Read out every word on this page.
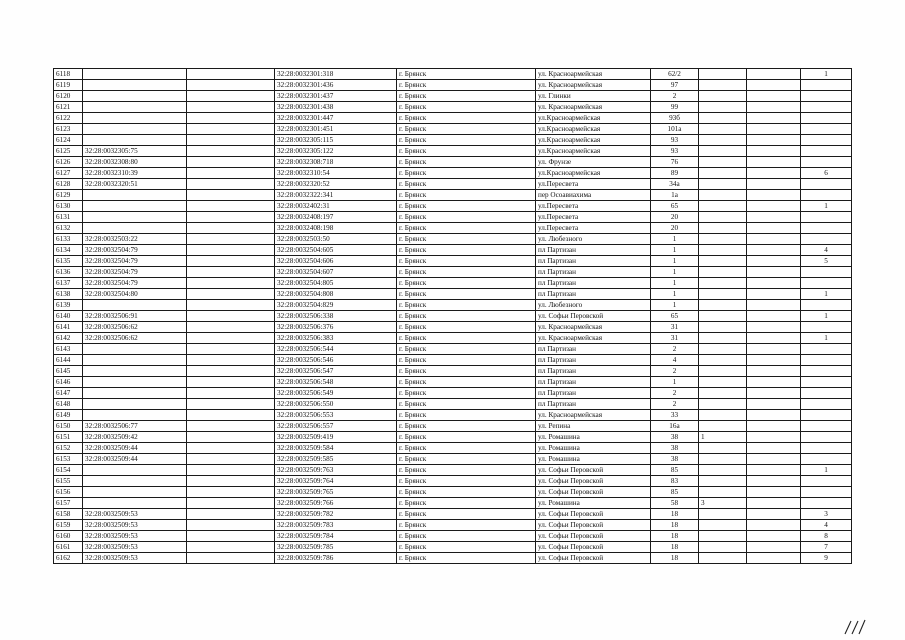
6118			32:28:0032301:318	г. Брянск	ул. Красноармейская	62/2			1
6119			32:28:0032301:436	г. Брянск	ул. Красноармейская	97			
6120			32:28:0032301:437	г. Брянск	ул. Глинки	2			
6121			32:28:0032301:438	г. Брянск	ул. Красноармейская	99			
6122			32:28:0032301:447	г. Брянск	ул.Красноармейская	93б			
6123			32:28:0032301:451	г. Брянск	ул.Красноармейская	101а			
6124			32:28:0032305:115	г. Брянск	ул.Красноармейская	93			
6125	32:28:0032305:75		32:28:0032305:122	г. Брянск	ул.Красноармейская	93			
6126	32:28:0032308:80		32:28:0032308:718	г. Брянск	ул. Фрунзе	76			
6127	32:28:0032310:39		32:28:0032310:54	г. Брянск	ул.Красноармейская	89			6
6128	32:28:0032320:51		32:28:0032320:52	г. Брянск	ул.Пересвета	34а			
6129			32:28:0032322:341	г. Брянск	пер Осоавиахима	1а			
6130			32:28:0032402:31	г. Брянск	ул.Пересвета	65			1
6131			32:28:0032408:197	г. Брянск	ул.Пересвета	20			
6132			32:28:0032408:198	г. Брянск	ул.Пересвета	20			
6133	32:28:0032503:22		32:28:0032503:50	г. Брянск	ул. Любезного	1			
6134	32:28:0032504:79		32:28:0032504:605	г. Брянск	пл Партизан	1			4
6135	32:28:0032504:79		32:28:0032504:606	г. Брянск	пл Партизан	1			5
6136	32:28:0032504:79		32:28:0032504:607	г. Брянск	пл Партизан	1			
6137	32:28:0032504:79		32:28:0032504:805	г. Брянск	пл Партизан	1			
6138	32:28:0032504:80		32:28:0032504:808	г. Брянск	пл Партизан	1			1
6139			32:28:0032504:829	г. Брянск	ул. Любезного	1			
6140	32:28:0032506:91		32:28:0032506:338	г. Брянск	ул. Софьи Перовской	65			1
6141	32:28:0032506:62		32:28:0032506:376	г. Брянск	ул. Красноармейская	31			
6142	32:28:0032506:62		32:28:0032506:383	г. Брянск	ул. Красноармейская	31			1
6143			32:28:0032506:544	г. Брянск	пл Партизан	2			
6144			32:28:0032506:546	г. Брянск	пл Партизан	4			
6145			32:28:0032506:547	г. Брянск	пл Партизан	2			
6146			32:28:0032506:548	г. Брянск	пл Партизан	1			
6147			32:28:0032506:549	г. Брянск	пл Партизан	2			
6148			32:28:0032506:550	г. Брянск	пл Партизан	2			
6149			32:28:0032506:553	г. Брянск	ул. Красноармейская	33			
6150	32:28:0032506:77		32:28:0032506:557	г. Брянск	ул. Репина	16а			
6151	32:28:0032509:42		32:28:0032509:419	г. Брянск	ул. Ромашина	38	1		
6152	32:28:0032509:44		32:28:0032509:584	г. Брянск	ул. Ромашина	38			
6153	32:28:0032509:44		32:28:0032509:585	г. Брянск	ул. Ромашина	38			
6154			32:28:0032509:763	г. Брянск	ул. Софьи Перовской	85			1
6155			32:28:0032509:764	г. Брянск	ул. Софьи Перовской	83			
6156			32:28:0032509:765	г. Брянск	ул. Софьи Перовской	85			
6157			32:28:0032509:766	г. Брянск	ул. Ромашина	58	3		
6158	32:28:0032509:53		32:28:0032509:782	г. Брянск	ул. Софьи Перовской	18			3
6159	32:28:0032509:53		32:28:0032509:783	г. Брянск	ул. Софьи Перовской	18			4
6160	32:28:0032509:53		32:28:0032509:784	г. Брянск	ул. Софьи Перовской	18			8
6161	32:28:0032509:53		32:28:0032509:785	г. Брянск	ул. Софьи Перовской	18			7
6162	32:28:0032509:53		32:28:0032509:786	г. Брянск	ул. Софьи Перовской	18			9
